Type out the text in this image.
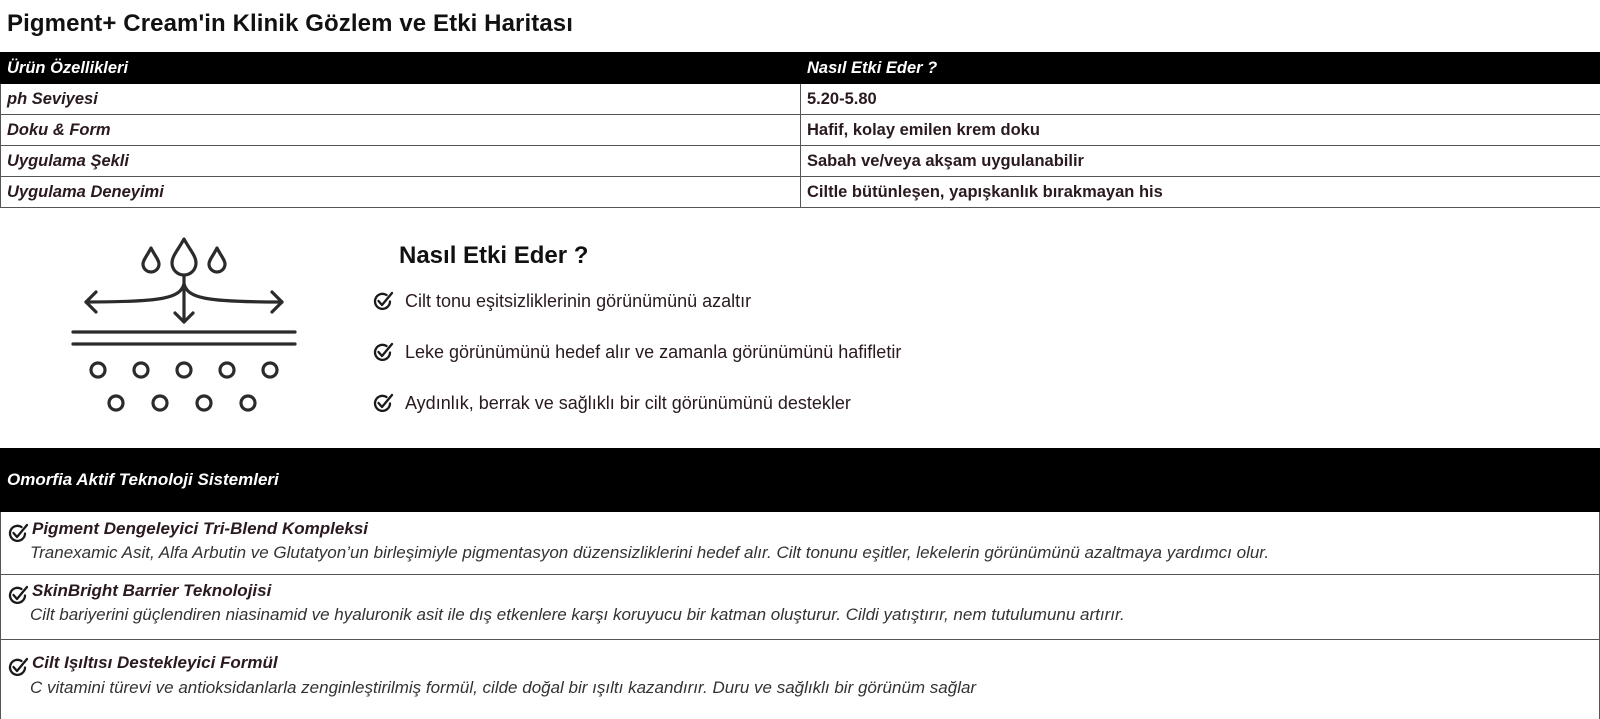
Pigment+ Cream'in Klinik Gözlem ve Etki Haritası
Ürün Özellikleri	Nasıl Etki Eder ?
ph Seviyesi	5.20-5.80
Doku & Form	Hafif, kolay emilen krem doku
Uygulama Şekli	Sabah ve/veya akşam uygulanabilir
Uygulama Deneyimi	Ciltle bütünleşen, yapışkanlık bırakmayan his
Nasıl Etki Eder ?
Cilt tonu eşitsizliklerinin görünümünü azaltır
Leke görünümünü hedef alır ve zamanla görünümünü hafifletir
Aydınlık, berrak ve sağlıklı bir cilt görünümünü destekler
Omorfia Aktif Teknoloji Sistemleri
Pigment Dengeleyici Tri-Blend Kompleksi
Tranexamic Asit, Alfa Arbutin ve Glutatyon’un birleşimiyle pigmentasyon düzensizliklerini hedef alır. Cilt tonunu eşitler, lekelerin görünümünü azaltmaya yardımcı olur.
SkinBright Barrier Teknolojisi
Cilt bariyerini güçlendiren niasinamid ve hyaluronik asit ile dış etkenlere karşı koruyucu bir katman oluşturur. Cildi yatıştırır, nem tutulumunu artırır.
Cilt Işıltısı Destekleyici Formül
C vitamini türevi ve antioksidanlarla zenginleştirilmiş formül, cilde doğal bir ışıltı kazandırır. Duru ve sağlıklı bir görünüm sağlar
